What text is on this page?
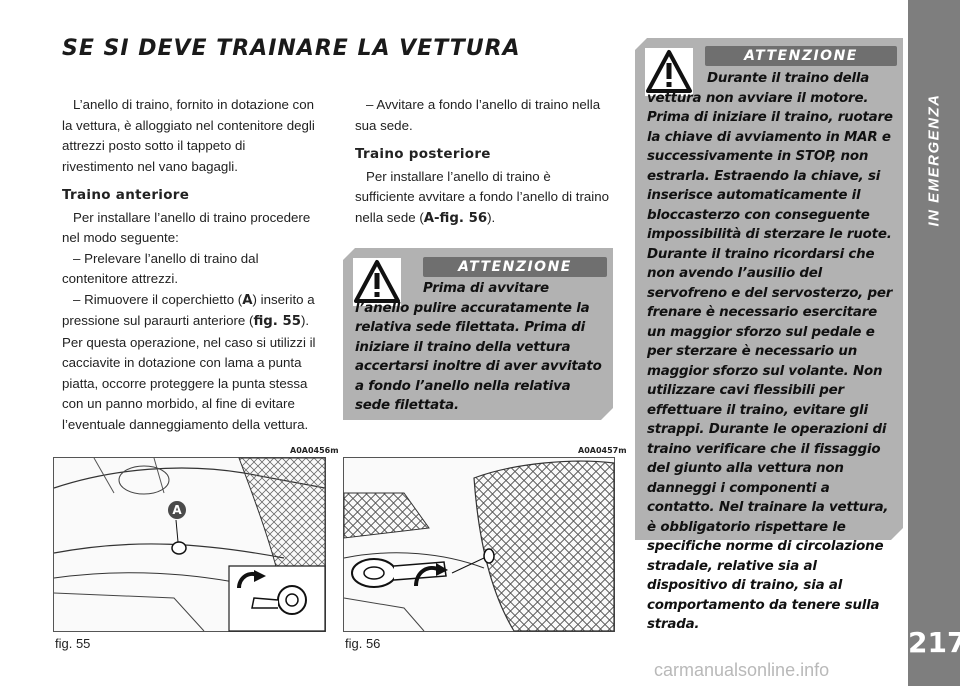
IN EMERGENZA
217
SE SI DEVE TRAINARE LA VETTURA

L’anello di traino, fornito in dotazione con la vettura, è alloggiato nel contenitore degli attrezzi posto sotto il tappeto di rivestimento nel vano bagagli.

Traino anteriore

Per installare l’anello di traino procedere nel modo seguente:

– Prelevare l’anello di traino dal contenitore attrezzi.

– Rimuovere il coperchietto (A) inserito a pressione sul paraurti anteriore (fig. 55). Per questa operazione, nel caso si utilizzi il cacciavite in dotazione con lama a punta piatta, occorre proteggere la punta stessa con un panno morbido, al fine di evitare l’eventuale danneggiamento della vettura.

– Avvitare a fondo l’anello di traino nella sua sede.

Traino posteriore

Per installare l’anello di traino è sufficiente avvitare a fondo l’anello di traino nella sede (A-fig. 56).

ATTENZIONE

Prima di avvitare l’anello pulire accuratamente la relativa sede filettata. Prima di iniziare il traino della vettura accertarsi inoltre di aver avvitato a fondo l’anello nella relativa sede filettata.

ATTENZIONE

Durante il traino della vettura non avviare il motore. Prima di iniziare il traino, ruotare la chiave di avviamento in MAR e successivamente in STOP, non estrarla. Estraendo la chiave, si inserisce automaticamente il bloccasterzo con conseguente impossibilità di sterzare le ruote. Durante il traino ricordarsi che non avendo l’ausilio del servofreno e del servosterzo, per frenare è necessario esercitare un maggior sforzo sul pedale e per sterzare è necessario un maggior sforzo sul volante. Non utilizzare cavi flessibili per effettuare il traino, evitare gli strappi. Durante le operazioni di traino verificare che il fissaggio del giunto alla vettura non danneggi i componenti a contatto. Nel trainare la vettura, è obbligatorio rispettare le specifiche norme di circolazione stradale, relative sia al dispositivo di traino, sia al comportamento da tenere sulla strada.

A0A0456m
A
fig. 55
A0A0457m
fig. 56
carmanualsonline.info
